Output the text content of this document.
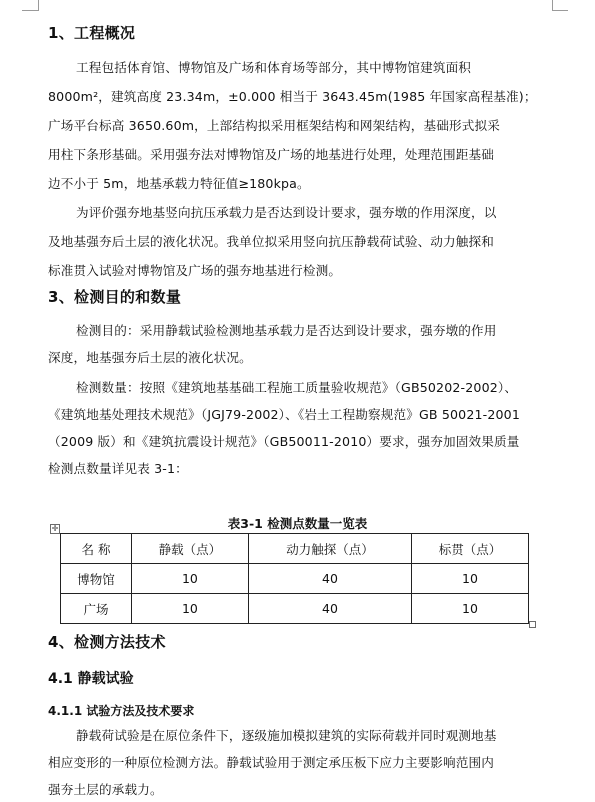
1、工程概况
工程包括体育馆、博物馆及广场和体育场等部分，其中博物馆建筑面积
8000m²，建筑高度 23.34m，±0.000 相当于 3643.45m(1985 年国家高程基准)；
广场平台标高 3650.60m，上部结构拟采用框架结构和网架结构，基础形式拟采
用柱下条形基础。采用强夯法对博物馆及广场的地基进行处理，处理范围距基础
边不小于 5m，地基承载力特征值≥180kpa。
为评价强夯地基竖向抗压承载力是否达到设计要求，强夯墩的作用深度，以
及地基强夯后土层的液化状况。我单位拟采用竖向抗压静载荷试验、动力触探和
标准贯入试验对博物馆及广场的强夯地基进行检测。
3、检测目的和数量
检测目的：采用静载试验检测地基承载力是否达到设计要求，强夯墩的作用
深度，地基强夯后土层的液化状况。
检测数量：按照《建筑地基基础工程施工质量验收规范》（GB50202-2002）、
《建筑地基处理技术规范》（JGJ79-2002）、《岩土工程勘察规范》GB 50021-2001
（2009 版）和《建筑抗震设计规范》（GB50011-2010）要求，强夯加固效果质量
检测点数量详见表 3-1：
表3-1 检测点数量一览表
✛
名 称	静载（点）	动力触探（点）	标贯（点）
博物馆	10	40	10
广场	10	40	10
4、检测方法技术
4.1 静载试验
4.1.1 试验方法及技术要求
静载荷试验是在原位条件下，逐级施加模拟建筑的实际荷载并同时观测地基
相应变形的一种原位检测方法。静载试验用于测定承压板下应力主要影响范围内
强夯土层的承载力。
